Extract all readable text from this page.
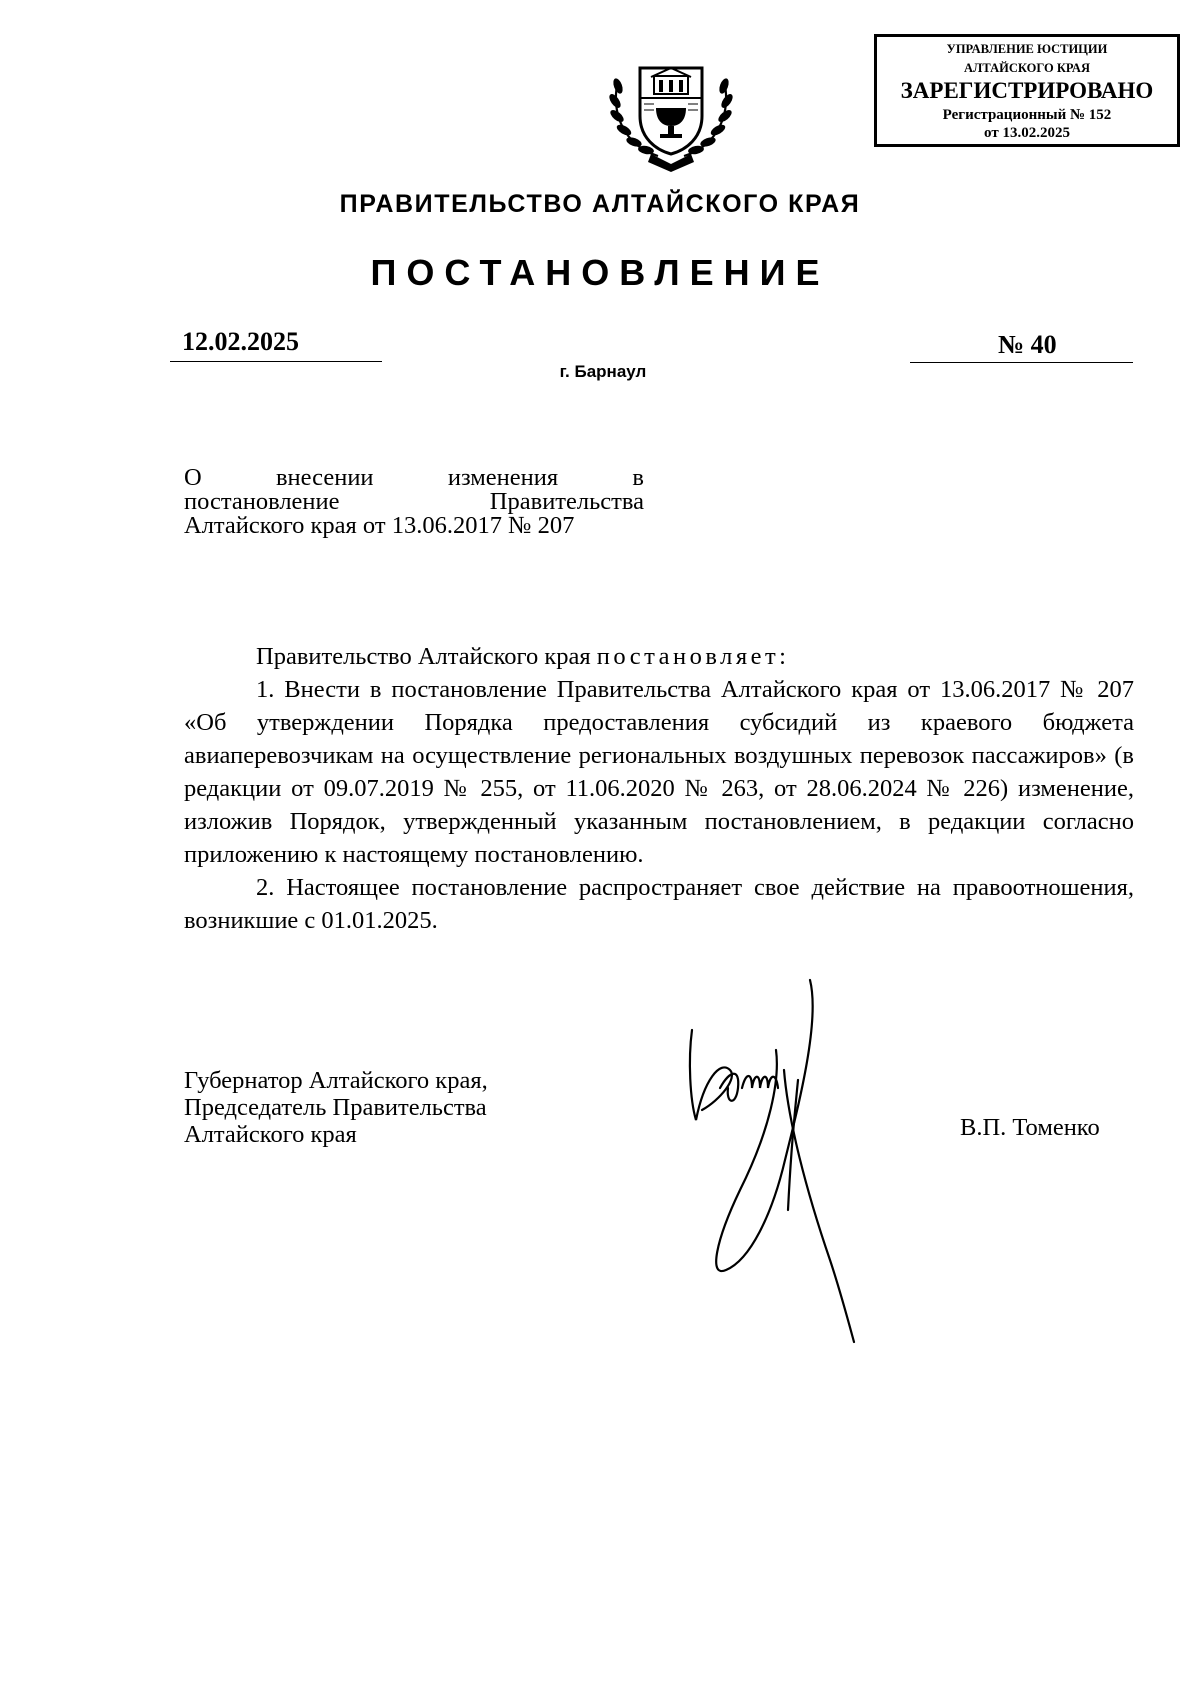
УПРАВЛЕНИЕ ЮСТИЦИИ
АЛТАЙСКОГО КРАЯ
ЗАРЕГИСТРИРОВАНО
Регистрационный № 152
от 13.02.2025
ПРАВИТЕЛЬСТВО АЛТАЙСКОГО КРАЯ
ПОСТАНОВЛЕНИЕ
12.02.2025	№ 40
г. Барнаул
О внесении изменения в
постановление Правительства
Алтайского края от 13.06.2017 № 207

Правительство Алтайского края постановляет:

1. Внести в постановление Правительства Алтайского края от 13.06.2017 № 207 «Об утверждении Порядка предоставления субсидий из краевого бюджета авиаперевозчикам на осуществление региональных воздушных перевозок пассажиров» (в редакции от 09.07.2019 № 255, от 11.06.2020 № 263, от 28.06.2024 № 226) изменение, изложив Порядок, утвержденный указанным постановлением, в редакции согласно приложению к настоящему постановлению.

2. Настоящее постановление распространяет свое действие на правоотношения, возникшие с 01.01.2025.

Губернатор Алтайского края,
Председатель Правительства
Алтайского края	В.П. Томенко
